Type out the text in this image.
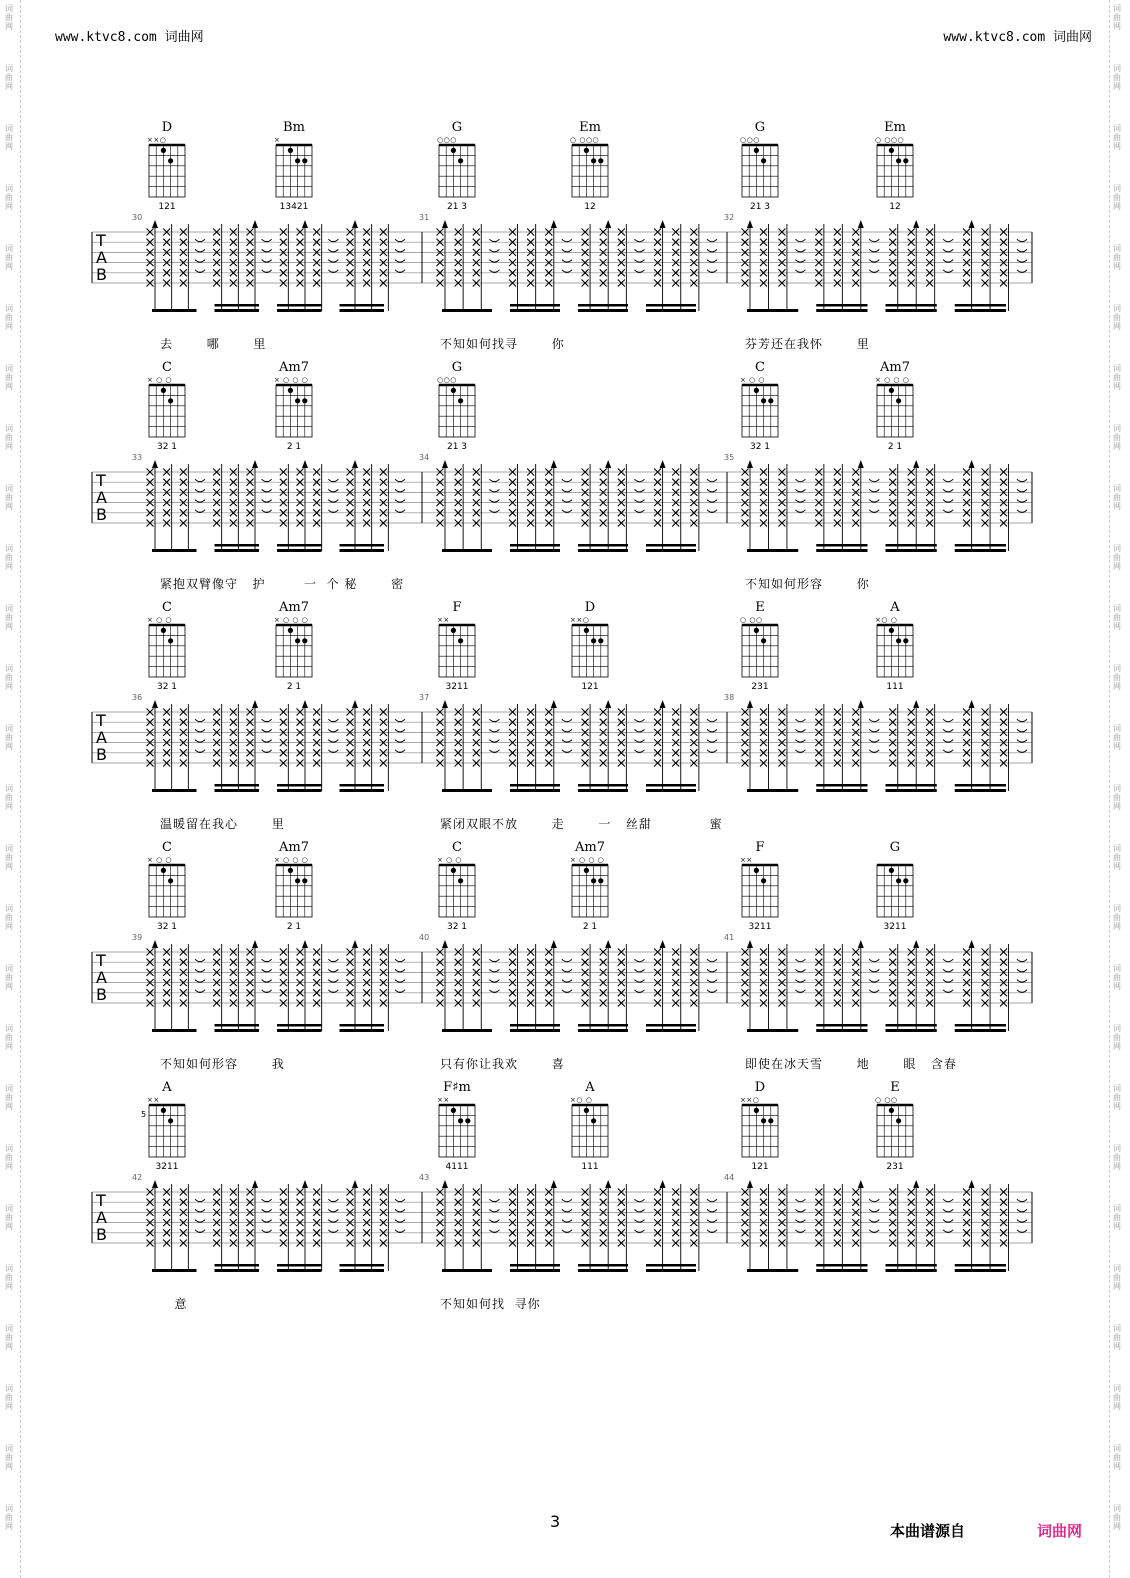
词
曲
网
词
曲
网
词
曲
网
词
曲
网
词
曲
网
词
曲
网
词
曲
网
词
曲
网
词
曲
网
词
曲
网
词
曲
网
词
曲
网
词
曲
网
词
曲
网
词
曲
网
词
曲
网
词
曲
网
词
曲
网
词
曲
网
词
曲
网
词
曲
网
词
曲
网
词
曲
网
词
曲
网
词
曲
网
词
曲
网
词
曲
网
词
曲
网
词
曲
网
词
曲
网
词
曲
网
词
曲
网
词
曲
网
词
曲
网
词
曲
网
词
曲
网
词
曲
网
词
曲
网
词
曲
网
词
曲
网
词
曲
网
词
曲
网
词
曲
网
词
曲
网
词
曲
网
词
曲
网
词
曲
网
词
曲
网
词
曲
网
词
曲
网
词
曲
网
词
曲
网
www.ktvc8.com 词曲网	www.ktvc8.com 词曲网
D
××○
121
Bm
×
13421
G
○○○
21 3
Em
○ ○○○
12
G
○○○
21 3
Em
○ ○○○
12
T
A
B
30	31	32
去       哪       里	不知如何找寻       你	芬芳还在我怀       里
C
× ○ ○
32 1
Am7
× ○ ○ ○
2 1
G
○○○
21 3
C
× ○ ○
32 1
Am7
× ○ ○ ○
2 1
T
A
B
33	34	35
紧抱双臂像守   护        一  个 秘       密	不知如何形容       你
C
× ○ ○
32 1
Am7
× ○ ○ ○
2 1
F
××
3211
D
××○
121
E
○ ○○
231
A
×○ ○
111
T
A
B
36	37	38
温暖留在我心       里	紧闭双眼不放       走       一   丝甜            蜜
C
× ○ ○
32 1
Am7
× ○ ○ ○
2 1
C
× ○ ○
32 1
Am7
× ○ ○ ○
2 1
F
××
3211
G
3211
T
A
B
39	40	41
不知如何形容       我	只有你让我欢       喜	即使在冰天雪       地       眼   含春
A
××
3211
5
F♯m
××
4111
A
×○ ○
111
D
××○
121
E
○ ○○
231
T
A
B
42	43	44
意	不知如何找  寻你
3	本曲谱源自	词曲网
